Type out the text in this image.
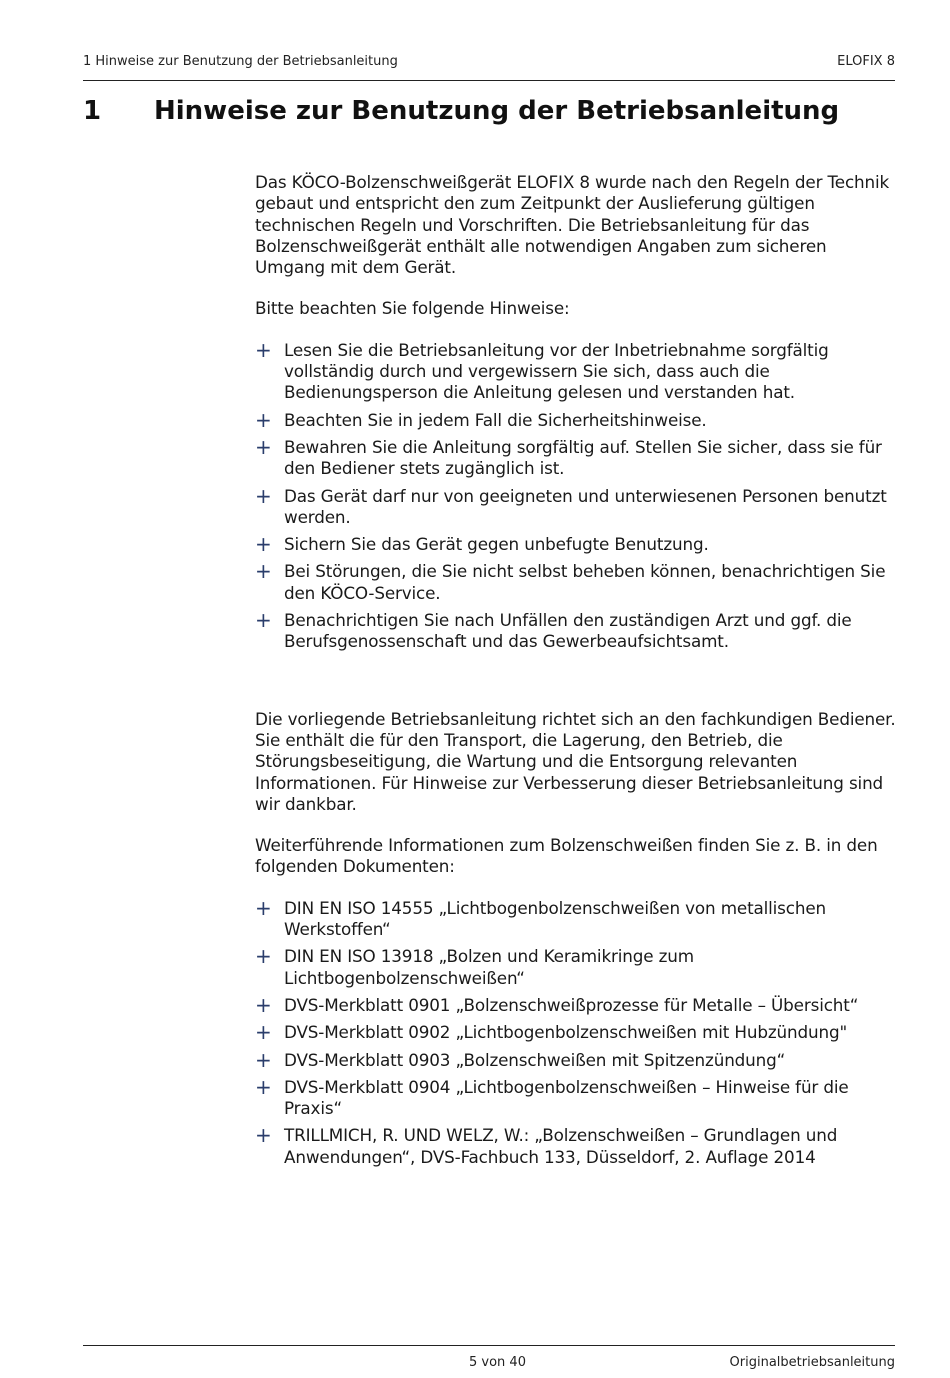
1 Hinweise zur Benutzung der Betriebsanleitung	ELOFIX 8
1	Hinweise zur Benutzung der Betriebsanleitung

Das KÖCO-Bolzenschweißgerät ELOFIX 8 wurde nach den Regeln der Technik gebaut und entspricht den zum Zeitpunkt der Auslieferung gültigen technischen Regeln und Vorschriften. Die Betriebsanleitung für das Bolzenschweißgerät enthält alle notwendigen Angaben zum sicheren Umgang mit dem Gerät.

Bitte beachten Sie folgende Hinweise:

+ Lesen Sie die Betriebsanleitung vor der Inbetriebnahme sorgfältig vollständig durch und vergewissern Sie sich, dass auch die Bedienungsperson die Anleitung gelesen und verstanden hat.
+ Beachten Sie in jedem Fall die Sicherheitshinweise.
+ Bewahren Sie die Anleitung sorgfältig auf. Stellen Sie sicher, dass sie für den Bediener stets zugänglich ist.
+ Das Gerät darf nur von geeigneten und unterwiesenen Personen benutzt werden.
+ Sichern Sie das Gerät gegen unbefugte Benutzung.
+ Bei Störungen, die Sie nicht selbst beheben können, benachrichtigen Sie den KÖCO-Service.
+ Benachrichtigen Sie nach Unfällen den zuständigen Arzt und ggf. die Berufsgenossenschaft und das Gewerbeaufsichtsamt.

Die vorliegende Betriebsanleitung richtet sich an den fachkundigen Bediener. Sie enthält die für den Transport, die Lagerung, den Betrieb, die Störungsbeseitigung, die Wartung und die Entsorgung relevanten Informationen. Für Hinweise zur Verbesserung dieser Betriebsanleitung sind wir dankbar.

Weiterführende Informationen zum Bolzenschweißen finden Sie z. B. in den folgenden Dokumenten:

+ DIN EN ISO 14555 „Lichtbogenbolzenschweißen von metallischen Werkstoffen“
+ DIN EN ISO 13918 „Bolzen und Keramikringe zum Lichtbogenbolzenschweißen“
+ DVS-Merkblatt 0901 „Bolzenschweißprozesse für Metalle – Übersicht“
+ DVS-Merkblatt 0902 „Lichtbogenbolzenschweißen mit Hubzündung"
+ DVS-Merkblatt 0903 „Bolzenschweißen mit Spitzenzündung“
+ DVS-Merkblatt 0904 „Lichtbogenbolzenschweißen – Hinweise für die Praxis“
+ TRILLMICH, R. UND WELZ, W.: „Bolzenschweißen – Grundlagen und Anwendungen“, DVS-Fachbuch 133, Düsseldorf, 2. Auflage 2014
5 von 40	Originalbetriebsanleitung
